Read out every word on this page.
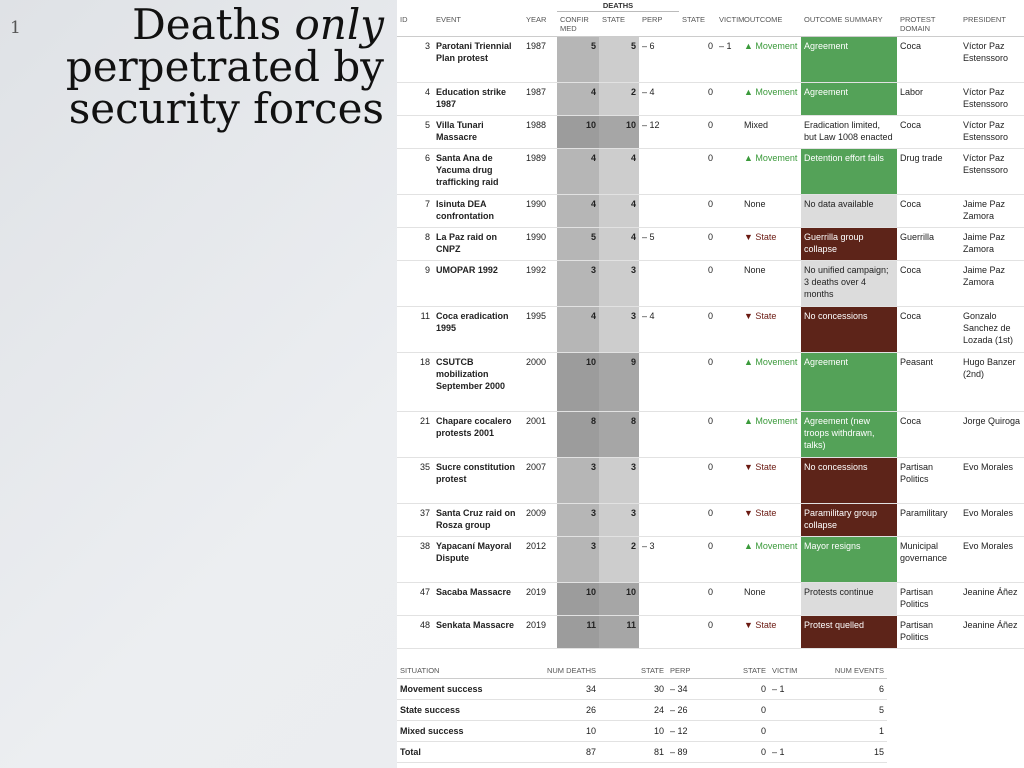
1	Deaths only
perpetrated by
security forces
			DEATHS								
ID	EVENT	YEAR	CONFIR MED	STATE	PERP	STATE	VICTIM	OUTCOME	OUTCOME SUMMARY	PROTEST DOMAIN	PRESIDENT
3	Parotani Triennial Plan protest	1987	5	5	– 6	0	– 1	▲ Movement	Agreement	Coca	Víctor Paz Estenssoro
4	Education strike 1987	1987	4	2	– 4	0		▲ Movement	Agreement	Labor	Víctor Paz Estenssoro
5	Villa Tunari Massacre	1988	10	10	– 12	0		Mixed	Eradication limited, but Law 1008 enacted	Coca	Víctor Paz Estenssoro
6	Santa Ana de Yacuma drug trafficking raid	1989	4	4		0		▲ Movement	Detention effort fails	Drug trade	Víctor Paz Estenssoro
7	Isinuta DEA confrontation	1990	4	4		0		None	No data available	Coca	Jaime Paz Zamora
8	La Paz raid on CNPZ	1990	5	4	– 5	0		▼ State	Guerrilla group collapse	Guerrilla	Jaime Paz Zamora
9	UMOPAR 1992	1992	3	3		0		None	No unified campaign; 3 deaths over 4 months	Coca	Jaime Paz Zamora
11	Coca eradication 1995	1995	4	3	– 4	0		▼ State	No concessions	Coca	Gonzalo Sanchez de Lozada (1st)
18	CSUTCB mobilization September 2000	2000	10	9		0		▲ Movement	Agreement	Peasant	Hugo Banzer (2nd)
21	Chapare cocalero protests 2001	2001	8	8		0		▲ Movement	Agreement (new troops withdrawn, talks)	Coca	Jorge Quiroga
35	Sucre constitution protest	2007	3	3		0		▼ State	No concessions	Partisan Politics	Evo Morales
37	Santa Cruz raid on Rosza group	2009	3	3		0		▼ State	Paramilitary group collapse	Paramilitary	Evo Morales
38	Yapacaní Mayoral Dispute	2012	3	2	– 3	0		▲ Movement	Mayor resigns	Municipal governance	Evo Morales
47	Sacaba Massacre	2019	10	10		0		None	Protests continue	Partisan Politics	Jeanine Áñez
48	Senkata Massacre	2019	11	11		0		▼ State	Protest quelled	Partisan Politics	Jeanine Áñez
SITUATION	NUM DEATHS	STATE	PERP	STATE	VICTIM	NUM EVENTS
Movement success	34	30	– 34	0	– 1	6
State success	26	24	– 26	0		5
Mixed success	10	10	– 12	0		1
Total	87	81	– 89	0	– 1	15
